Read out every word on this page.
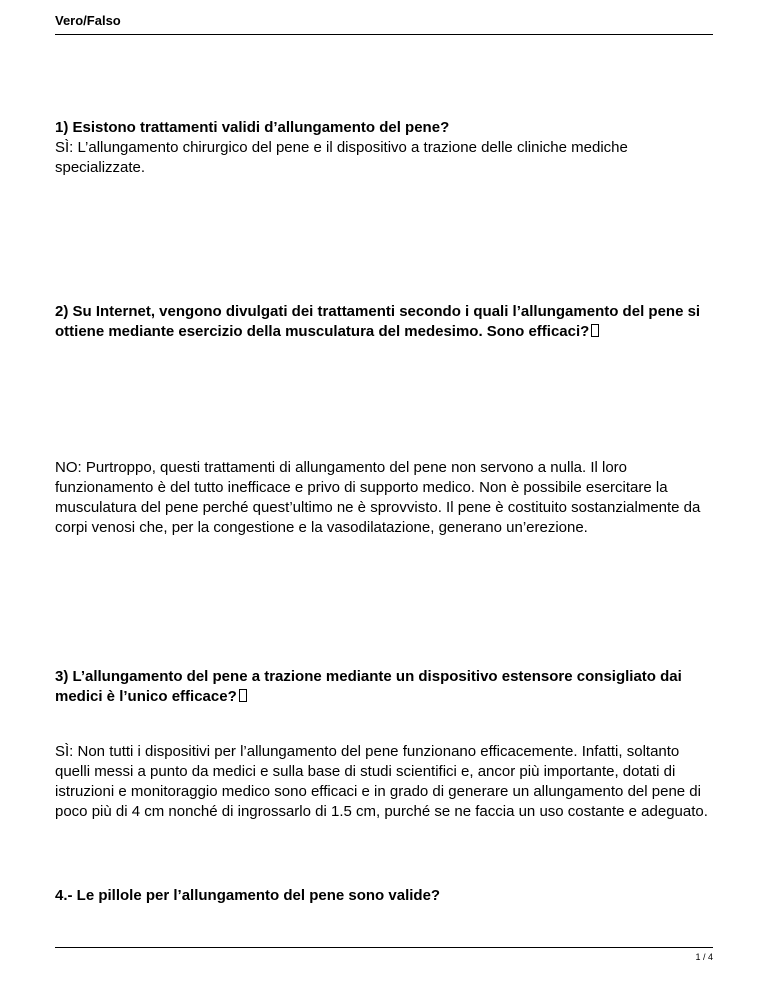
Vero/Falso

1) Esistono trattamenti validi d’allungamento del pene?

SÌ: L’allungamento chirurgico del pene e il dispositivo a trazione delle cliniche mediche specializzate.

2) Su Internet, vengono divulgati dei trattamenti secondo i quali l’allungamento del pene si ottiene mediante esercizio della musculatura del medesimo. Sono efficaci?

NO: Purtroppo, questi trattamenti di allungamento del pene non servono a nulla. Il loro funzionamento è del tutto inefficace e privo di supporto medico. Non è possibile esercitare la musculatura del pene perché quest’ultimo ne è sprovvisto. Il pene è costituito sostanzialmente da corpi venosi che, per la congestione e la vasodilatazione, generano un’erezione.

3) L’allungamento del pene a trazione mediante un dispositivo estensore consigliato dai medici è l’unico efficace?

SÌ: Non tutti i dispositivi per l’allungamento del pene funzionano efficacemente. Infatti, soltanto quelli messi a punto da medici e sulla base di studi scientifici e, ancor più importante, dotati di istruzioni e monitoraggio medico sono efficaci e in grado di generare un allungamento del pene di poco più di 4 cm nonché di ingrossarlo di 1.5 cm, purché se ne faccia un uso costante e adeguato.

4.- Le pillole per l’allungamento del pene sono valide?

1 / 4
